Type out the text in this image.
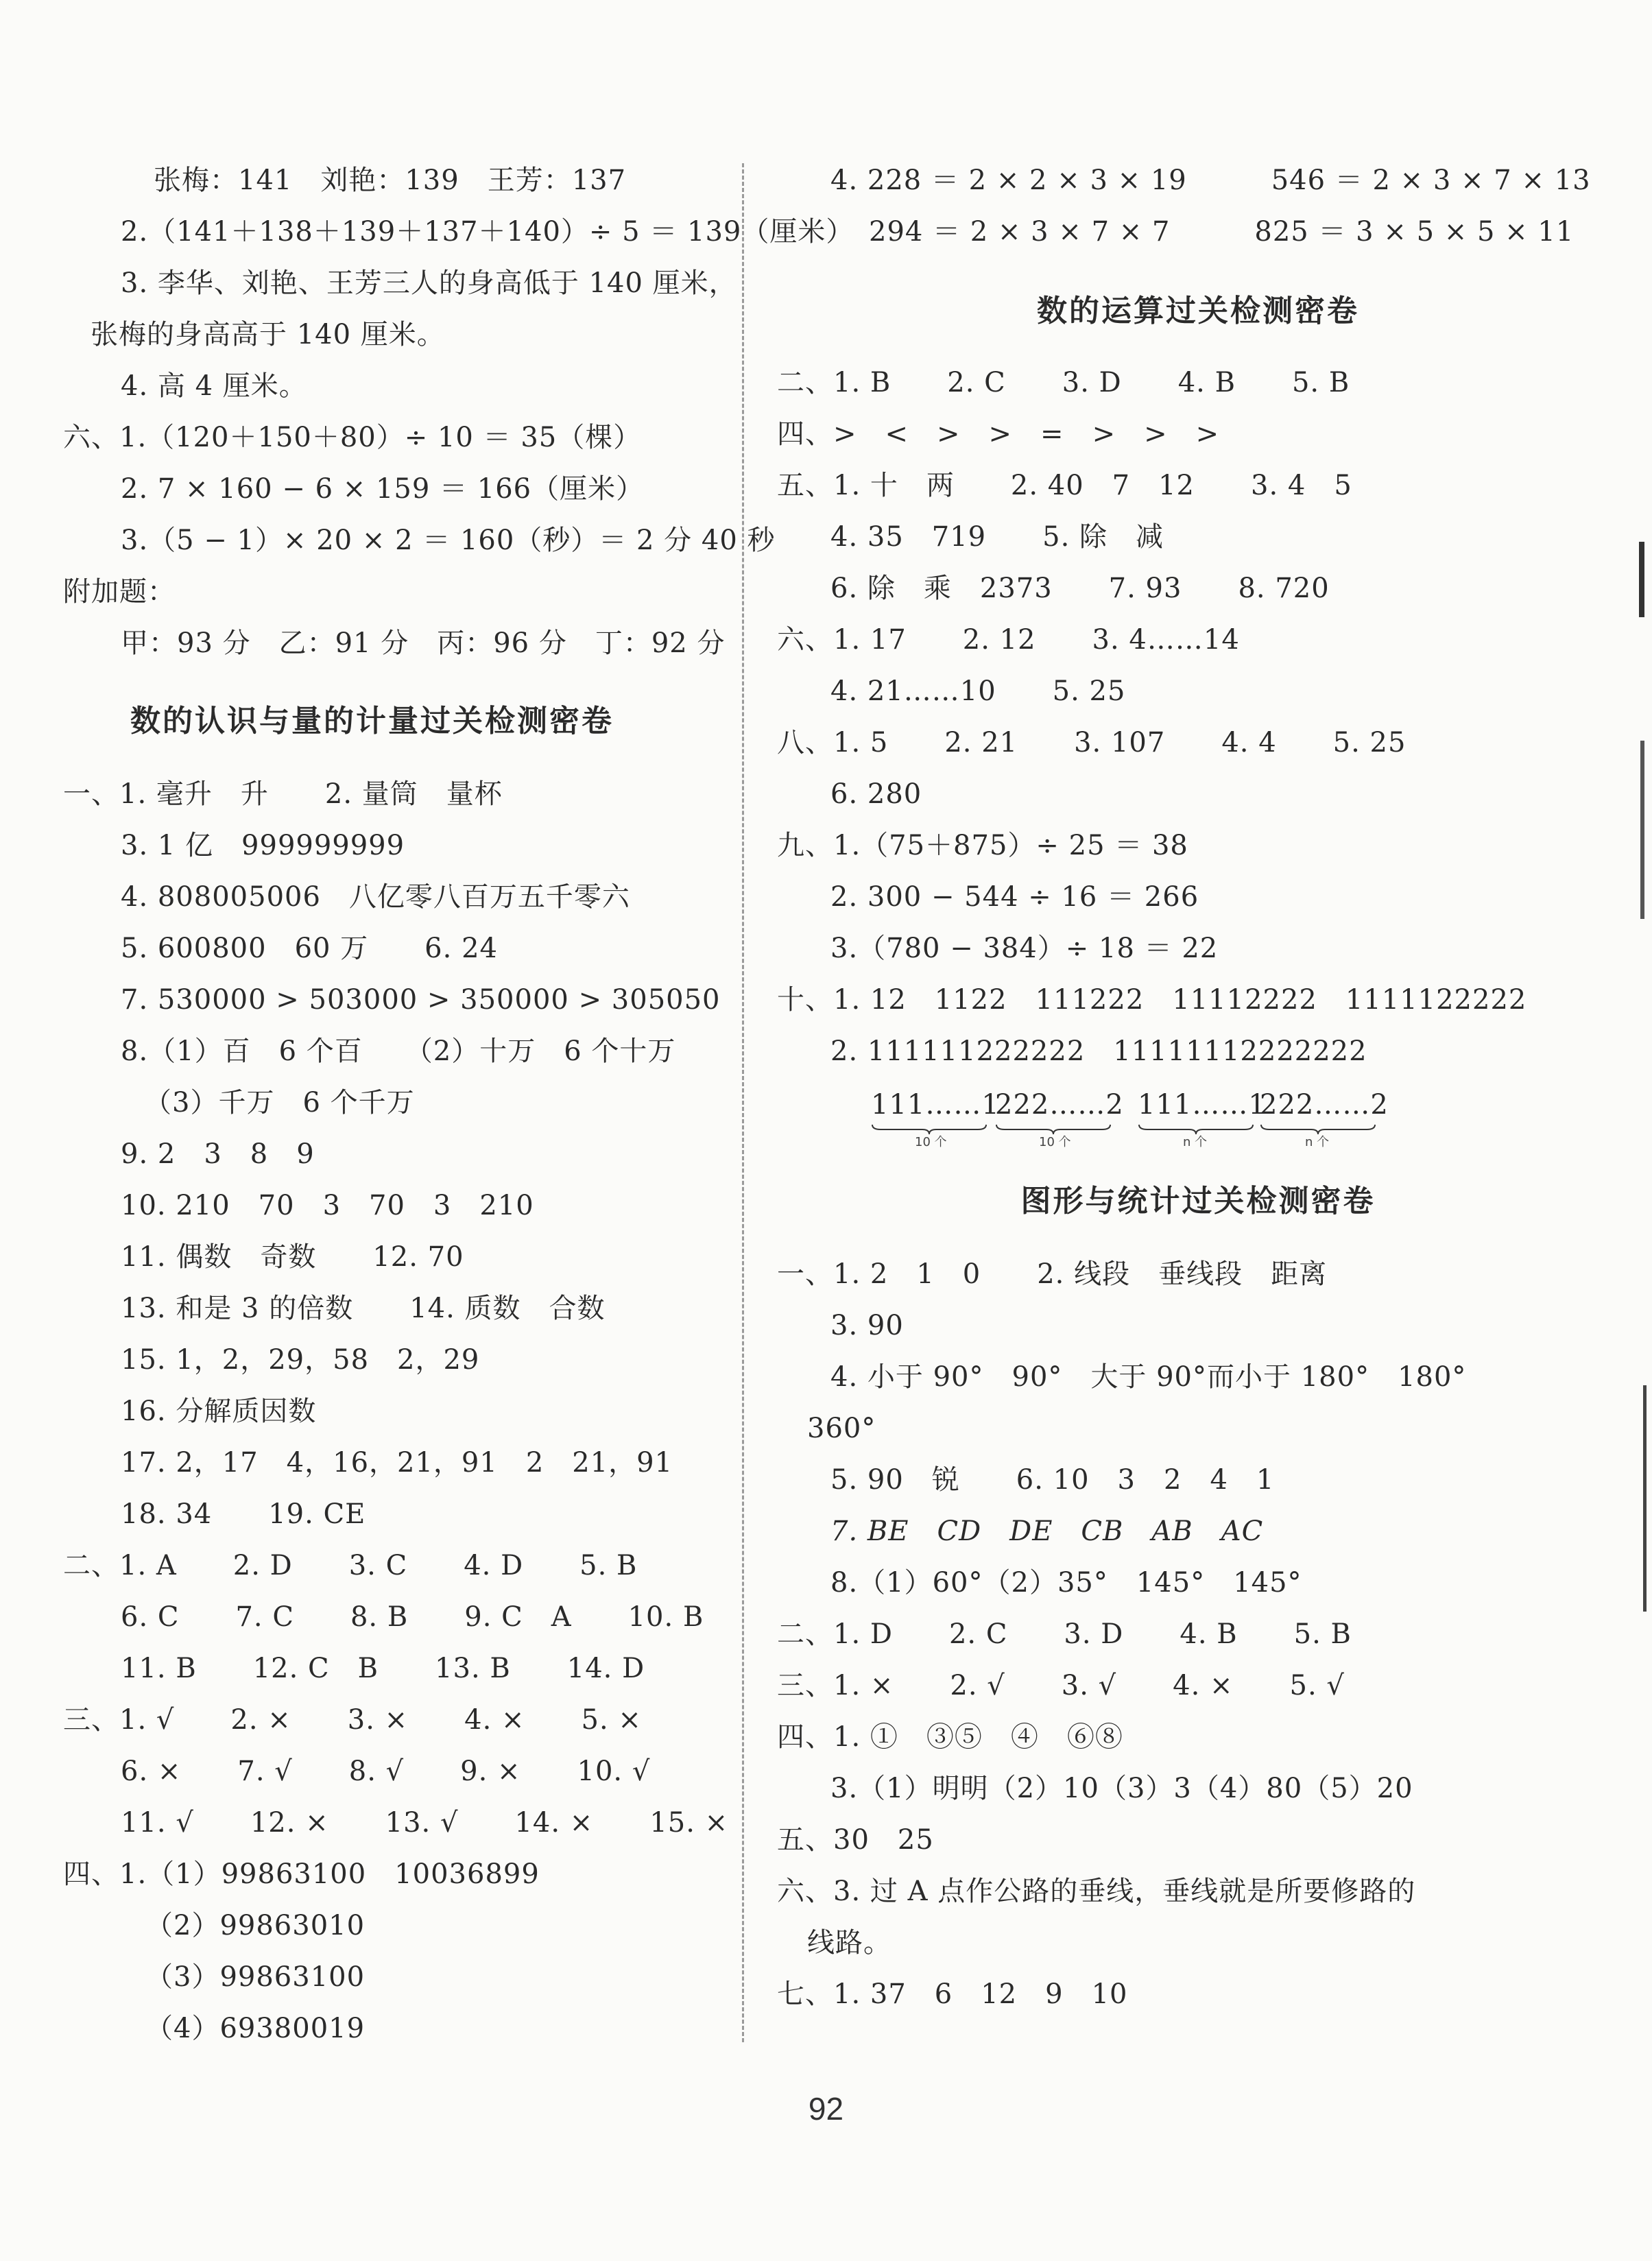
张梅：141　刘艳：139　王芳：137
2.（141＋138＋139＋137＋140）÷ 5 ＝ 139（厘米）
3. 李华、刘艳、王芳三人的身高低于 140 厘米，
张梅的身高高于 140 厘米。
4. 高 4 厘米。
六、1.（120＋150＋80）÷ 10 ＝ 35（棵）
2. 7 × 160 − 6 × 159 ＝ 166（厘米）
3.（5 − 1）× 20 × 2 ＝ 160（秒）＝ 2 分 40 秒
附加题：
甲：93 分　乙：91 分　丙：96 分　丁：92 分
数的认识与量的计量过关检测密卷
一、1. 毫升　升　　2. 量筒　量杯
3. 1 亿　999999999
4. 808005006　八亿零八百万五千零六
5. 600800　60 万　　6. 24
7. 530000 > 503000 > 350000 > 305050
8.（1）百　6 个百　　（2）十万　6 个十万
（3）千万　6 个千万
9. 2　3　8　9
10. 210　70　3　70　3　210
11. 偶数　奇数　　12. 70
13. 和是 3 的倍数　　14. 质数　合数
15. 1，2，29，58　2，29
16. 分解质因数
17. 2，17　4，16，21，91　2　21，91
18. 34　　19. CE
二、1. A　　2. D　　3. C　　4. D　　5. B
6. C　　7. C　　8. B　　9. C　A　　10. B
11. B　　12. C　B　　13. B　　14. D
三、1. √　　2. ×　　3. ×　　4. ×　　5. ×
6. ×　　7. √　　8. √　　9. ×　　10. √
11. √　　12. ×　　13. √　　14. ×　　15. ×
四、1.（1）99863100　10036899
（2）99863010
（3）99863100
（4）69380019
4. 228 ＝ 2 × 2 × 3 × 19　　　546 ＝ 2 × 3 × 7 × 13
294 ＝ 2 × 3 × 7 × 7　　　825 ＝ 3 × 5 × 5 × 11
数的运算过关检测密卷
二、1. B　　2. C　　3. D　　4. B　　5. B
四、>　<　>　>　=　>　>　>
五、1. 十　两　　2. 40　7　12　　3. 4　5
4. 35　719　　5. 除　减
6. 除　乘　2373　　7. 93　　8. 720
六、1. 17　　2. 12　　3. 4……14
4. 21……10　　5. 25
八、1. 5　　2. 21　　3. 107　　4. 4　　5. 25
6. 280
九、1.（75＋875）÷ 25 ＝ 38
2. 300 − 544 ÷ 16 ＝ 266
3.（780 − 384）÷ 18 ＝ 22
十、1. 12　1122　111222　11112222　1111122222
2. 111111222222　11111112222222
111……1
10 个
222……2
10 个
111……1
n 个
222……2
n 个
图形与统计过关检测密卷
一、1. 2　1　0　　2. 线段　垂线段　距离
3. 90
4. 小于 90°　90°　大于 90°而小于 180°　180°
360°
5. 90　锐　　6. 10　3　2　4　1
7. BE　CD　DE　CB　AB　AC
8.（1）60°（2）35°　145°　145°
二、1. D　　2. C　　3. D　　4. B　　5. B
三、1. ×　　2. √　　3. √　　4. ×　　5. √
四、1. ①　③⑤　④　⑥⑧
3.（1）明明（2）10（3）3（4）80（5）20
五、30　25
六、3. 过 A 点作公路的垂线，垂线就是所要修路的
线路。
七、1. 37　6　12　9　10
92
